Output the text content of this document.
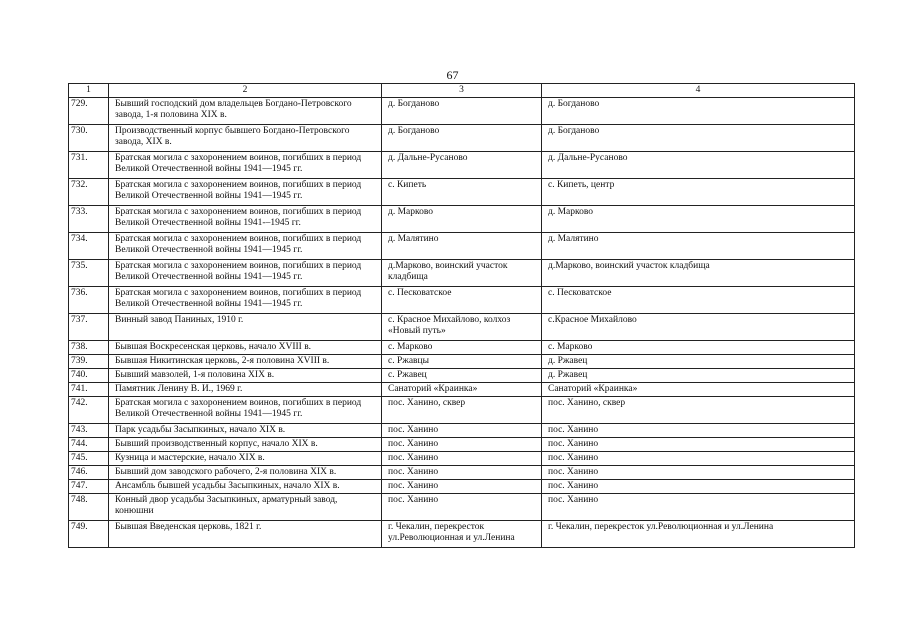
67
1	2	3	4
729.	Бывший господский дом владельцев Богдано-Петровского завода, 1-я половина XIX в.	д. Богданово	д. Богданово
730.	Производственный корпус бывшего Богдано-Петровского завода, XIX в.	д. Богданово	д. Богданово
731.	Братская могила с захоронением воинов, погибших в период Великой Отечественной войны 1941—1945 гг.	д. Дальне-Русаново	д. Дальне-Русаново
732.	Братская могила с захоронением воинов, погибших в период Великой Отечественной войны 1941—1945 гг.	с. Кипеть	с. Кипеть, центр
733.	Братская могила с захоронением воинов, погибших в период Великой Отечественной войны 1941-–1945 гг.	д. Марково	д. Марково
734.	Братская могила с захоронением воинов, погибших в период Великой Отечественной войны 1941—1945 гг.	д. Малятино	д. Малятино
735.	Братская могила с захоронением воинов, погибших в период Великой Отечественной войны 1941—1945 гг.	д.Марково, воинский участок кладбища	д.Марково, воинский участок кладбища
736.	Братская могила с захоронением воинов, погибших в период Великой Отечественной войны 1941—1945 гг.	с. Песковатское	с. Песковатское
737.	Винный завод Паниных, 1910 г.	с. Красное Михайлово, колхоз «Новый путь»	с.Красное Михайлово
738.	Бывшая Воскресенская церковь, начало XVIII в.	с. Марково	с. Марково
739.	Бывшая Никитинская церковь, 2-я половина XVIII в.	с. Ржавцы	д. Ржавец
740.	Бывший мавзолей, 1-я половина XIX в.	с. Ржавец	д. Ржавец
741.	Памятник Ленину В. И., 1969 г.	Санаторий «Краинка»	Санаторий «Краинка»
742.	Братская могила с захоронением воинов, погибших в период Великой Отечественной войны 1941—1945 гг.	пос. Ханино, сквер	пос. Ханино, сквер
743.	Парк усадьбы Засыпкиных, начало XIX в.	пос. Ханино	пос. Ханино
744.	Бывший производственный корпус, начало XIX в.	пос. Ханино	пос. Ханино
745.	Кузница и мастерские, начало XIX в.	пос. Ханино	пос. Ханино
746.	Бывший дом заводского рабочего, 2-я половина XIX в.	пос. Ханино	пос. Ханино
747.	Ансамбль бывшей усадьбы Засыпкиных, начало XIX в.	пос. Ханино	пос. Ханино
748.	Конный двор усадьбы Засыпкиных, арматурный завод, конюшни	пос. Ханино	пос. Ханино
749.	Бывшая Введенская церковь, 1821 г.	г. Чекалин, перекресток ул.Революционная и ул.Ленина	г. Чекалин, перекресток ул.Революционная и ул.Ленина
